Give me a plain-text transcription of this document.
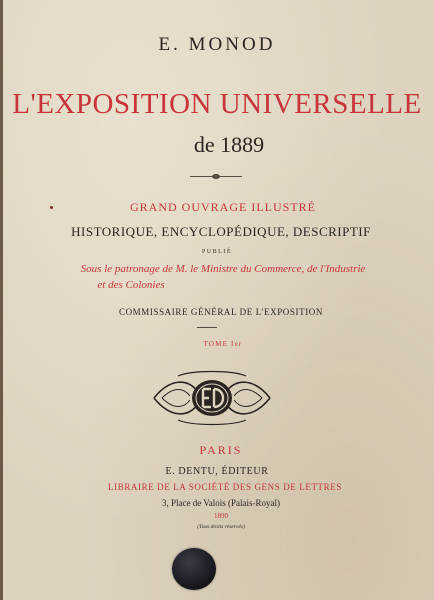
E. MONOD
L'EXPOSITION UNIVERSELLE
de 1889
GRAND OUVRAGE ILLUSTRÉ
HISTORIQUE, ENCYCLOPÉDIQUE, DESCRIPTIF
PUBLIÉ
Sous le patronage de M. le Ministre du Commerce, de l'Industrie
et des Colonies
COMMISSAIRE GÉNÉRAL DE L'EXPOSITION
TOME Ier
PARIS
E. DENTU, ÉDITEUR
LIBRAIRE DE LA SOCIÉTÉ DES GENS DE LETTRES
3, Place de Valois (Palais-Royal)
1890
(Tous droits réservés)
